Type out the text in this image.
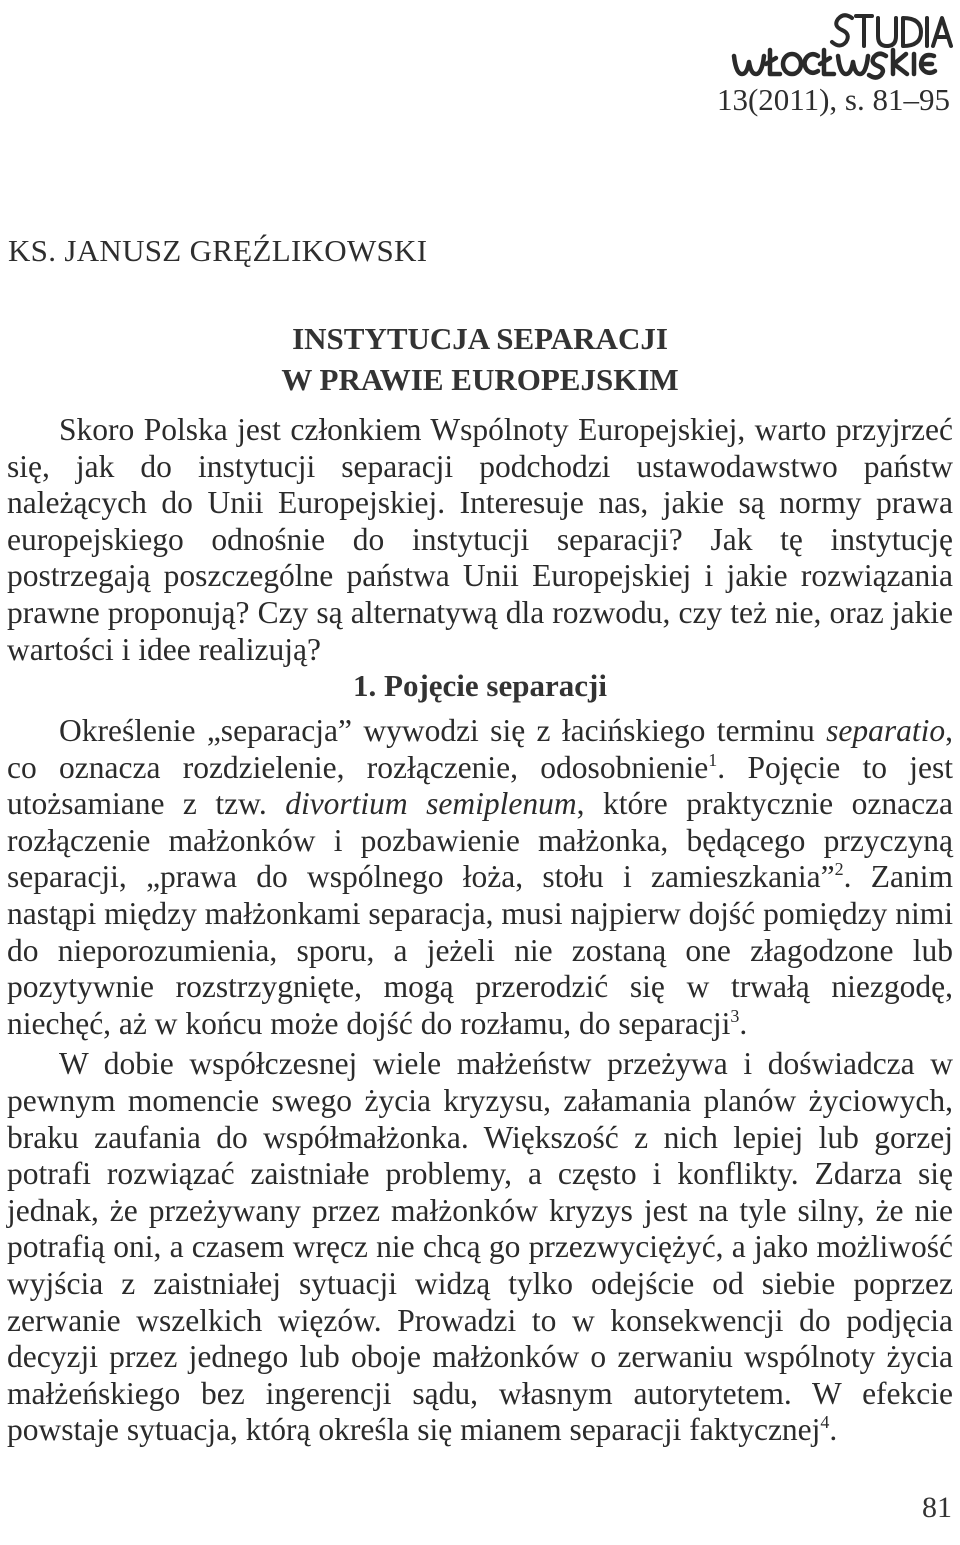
13(2011), s. 81–95
KS. JANUSZ GRĘŹLIKOWSKI
INSTYTUCJA SEPARACJI
W PRAWIE EUROPEJSKIM

Skoro Polska jest członkiem Wspólnoty Europejskiej, warto przyjrzeć się, jak do instytucji separacji podchodzi ustawodawstwo państw należących do Unii Europejskiej. Interesuje nas, jakie są normy prawa europejskiego odnośnie do instytucji separacji? Jak tę instytucję postrzegają poszczególne państwa Unii Europejskiej i jakie rozwiązania prawne proponują? Czy są alternatywą dla rozwodu, czy też nie, oraz jakie wartości i idee realizują?

1. Pojęcie separacji

Określenie „separacja” wywodzi się z łacińskiego terminu separatio, co oznacza rozdzielenie, rozłączenie, odosobnienie$^1$. Pojęcie to jest utożsamiane z tzw. divortium semiplenum, które praktycznie oznacza rozłączenie małżonków i pozbawienie małżonka, będącego przyczyną separacji, „prawa do wspólnego łoża, stołu i zamieszkania”$^2$. Zanim nastąpi między małżonkami separacja, musi najpierw dojść pomiędzy nimi do nieporozumienia, sporu, a jeżeli nie zostaną one złagodzone lub pozytywnie rozstrzygnięte, mogą przerodzić się w trwałą niezgodę, niechęć, aż w końcu może dojść do rozłamu, do separacji$^3$.

W dobie współczesnej wiele małżeństw przeżywa i doświadcza w pewnym momencie swego życia kryzysu, załamania planów życiowych, braku zaufania do współmałżonka. Większość z nich lepiej lub gorzej potrafi rozwiązać zaistniałe problemy, a często i konflikty. Zdarza się jednak, że przeżywany przez małżonków kryzys jest na tyle silny, że nie potrafią oni, a czasem wręcz nie chcą go przezwyciężyć, a jako możliwość wyjścia z zaistniałej sytuacji widzą tylko odejście od siebie poprzez zerwanie wszelkich więzów. Prowadzi to w konsekwencji do podjęcia decyzji przez jednego lub oboje małżonków o zerwaniu wspólnoty życia małżeńskiego bez ingerencji sądu, własnym autorytetem. W efekcie powstaje sytuacja, którą określa się mianem separacji faktycznej$^4$.

81
